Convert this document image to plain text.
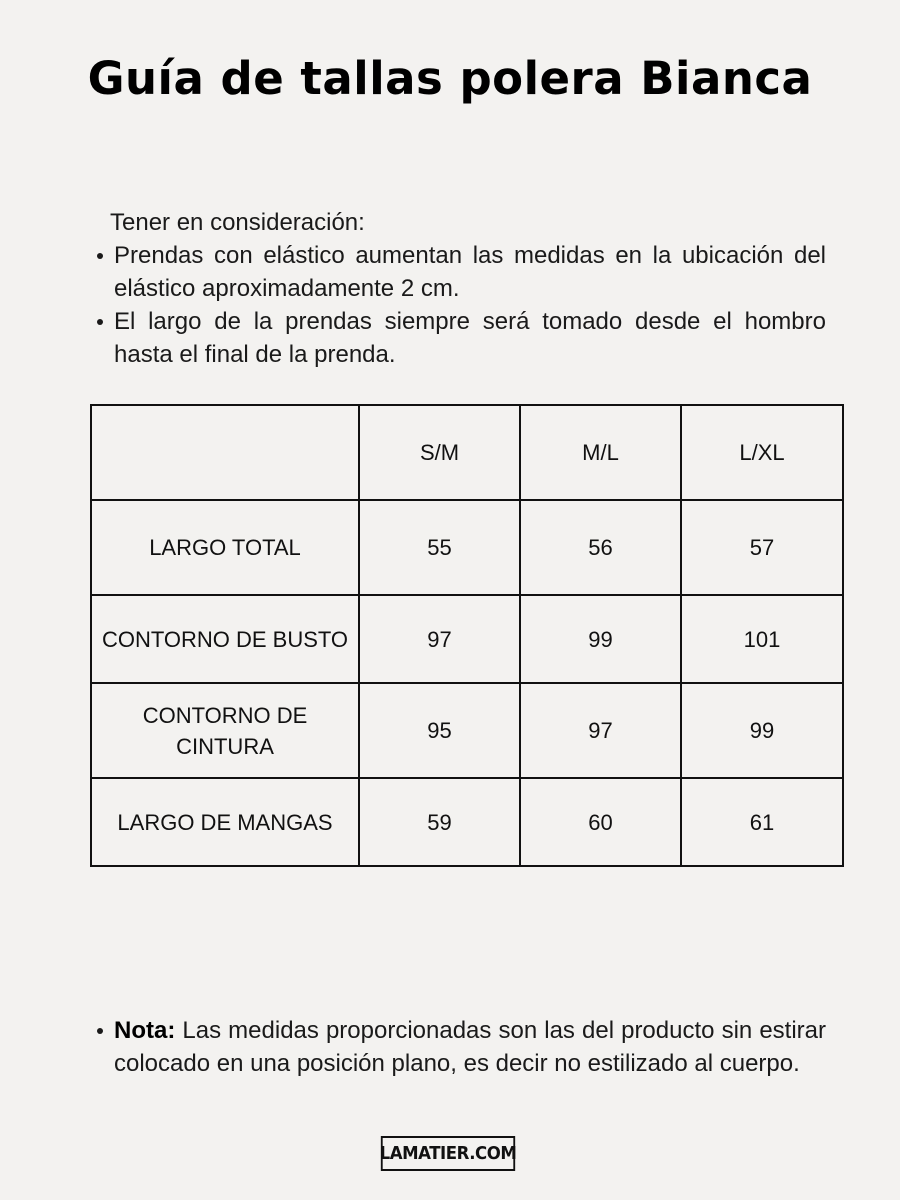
Guía de tallas polera Bianca
Tener en consideración:
Prendas con elástico aumentan las medidas en la ubicación del elástico aproximadamente 2 cm.
El largo de la prendas siempre será tomado desde el hombro hasta el final de la prenda.
	S/M	M/L	L/XL
LARGO TOTAL	55	56	57
CONTORNO DE BUSTO	97	99	101
CONTORNO DE CINTURA	95	97	99
LARGO DE MANGAS	59	60	61
Nota: Las medidas proporcionadas son las del producto sin estirar colocado en una posición plano, es decir no estilizado al cuerpo.
LAMATIER.COM
